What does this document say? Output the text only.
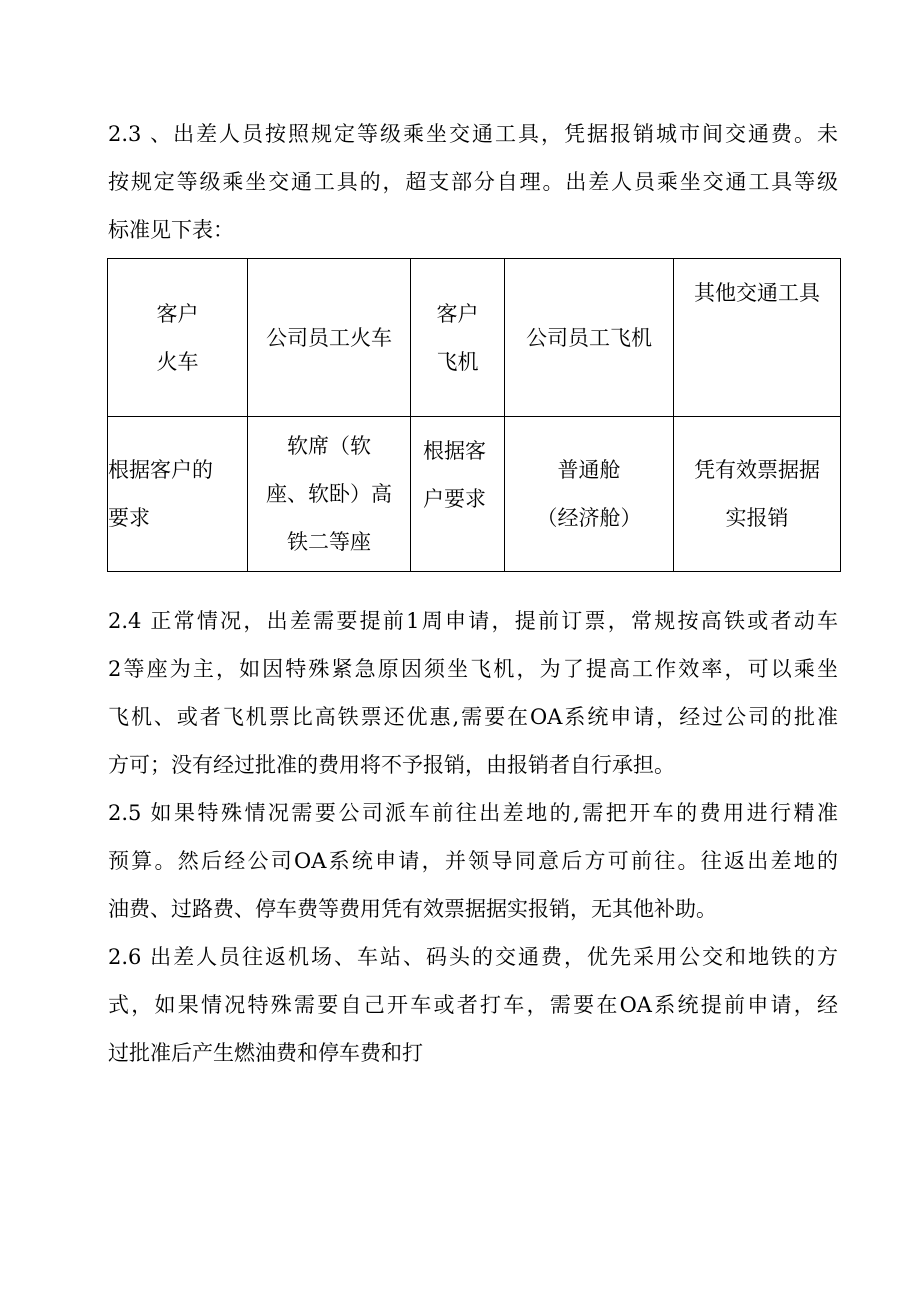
2.3 、出差人员按照规定等级乘坐交通工具，凭据报销城市间交通费。未
按规定等级乘坐交通工具的，超支部分自理。出差人员乘坐交通工具等级
标准见下表：
客户
火车	公司员工火车	客户
飞机	公司员工飞机	其他交通工具

根据客户的
要求	软席（软
座、软卧）高
铁二等座	根据客
户要求	普通舱
（经济舱）	凭有效票据据
实报销
2.4 正常情况，出差需要提前1周申请，提前订票，常规按高铁或者动车
2等座为主，如因特殊紧急原因须坐飞机，为了提高工作效率，可以乘坐
飞机、或者飞机票比高铁票还优惠,需要在OA系统申请，经过公司的批准
方可；没有经过批准的费用将不予报销，由报销者自行承担。
2.5 如果特殊情况需要公司派车前往出差地的,需把开车的费用进行精准
预算。然后经公司OA系统申请，并领导同意后方可前往。往返出差地的
油费、过路费、停车费等费用凭有效票据据实报销，无其他补助。
2.6 出差人员往返机场、车站、码头的交通费，优先采用公交和地铁的方
式，如果情况特殊需要自己开车或者打车，需要在OA系统提前申请，经
过批准后产生燃油费和停车费和打
